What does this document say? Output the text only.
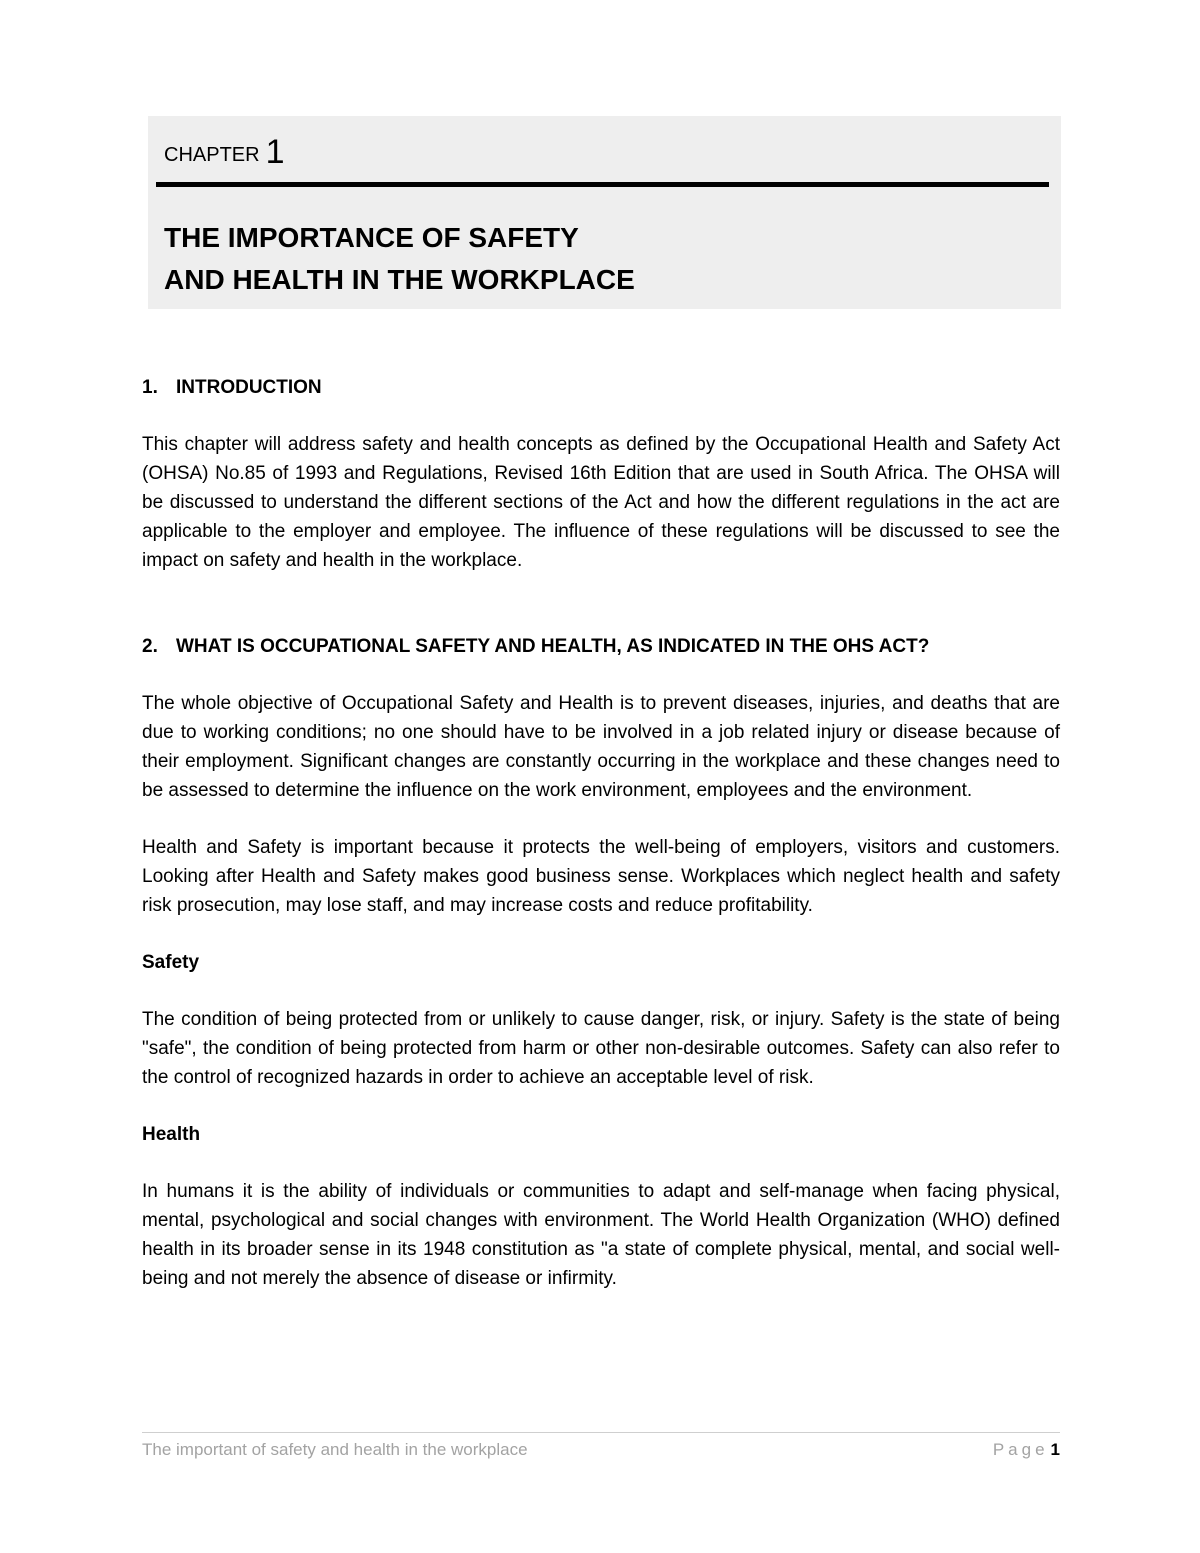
CHAPTER 1
THE IMPORTANCE OF SAFETY
AND HEALTH IN THE WORKPLACE
1. INTRODUCTION

This chapter will address safety and health concepts as defined by the Occupational Health and Safety Act (OHSA) No.85 of 1993 and Regulations, Revised 16th Edition that are used in South Africa. The OHSA will be discussed to understand the different sections of the Act and how the different regulations in the act are applicable to the employer and employee. The influence of these regulations will be discussed to see the impact on safety and health in the workplace.

2. WHAT IS OCCUPATIONAL SAFETY AND HEALTH, AS INDICATED IN THE OHS ACT?

The whole objective of Occupational Safety and Health is to prevent diseases, injuries, and deaths that are due to working conditions; no one should have to be involved in a job related injury or disease because of their employment. Significant changes are constantly occurring in the workplace and these changes need to be assessed to determine the influence on the work environment, employees and the environment.

Health and Safety is important because it protects the well-being of employers, visitors and customers. Looking after Health and Safety makes good business sense. Workplaces which neglect health and safety risk prosecution, may lose staff, and may increase costs and reduce profitability.

Safety

The condition of being protected from or unlikely to cause danger, risk, or injury. Safety is the state of being "safe", the condition of being protected from harm or other non-desirable outcomes. Safety can also refer to the control of recognized hazards in order to achieve an acceptable level of risk.

Health

In humans it is the ability of individuals or communities to adapt and self-manage when facing physical, mental, psychological and social changes with environment. The World Health Organization (WHO) defined health in its broader sense in its 1948 constitution as "a state of complete physical, mental, and social well-being and not merely the absence of disease or infirmity.

The important of safety and health in the workplace	Page 1
